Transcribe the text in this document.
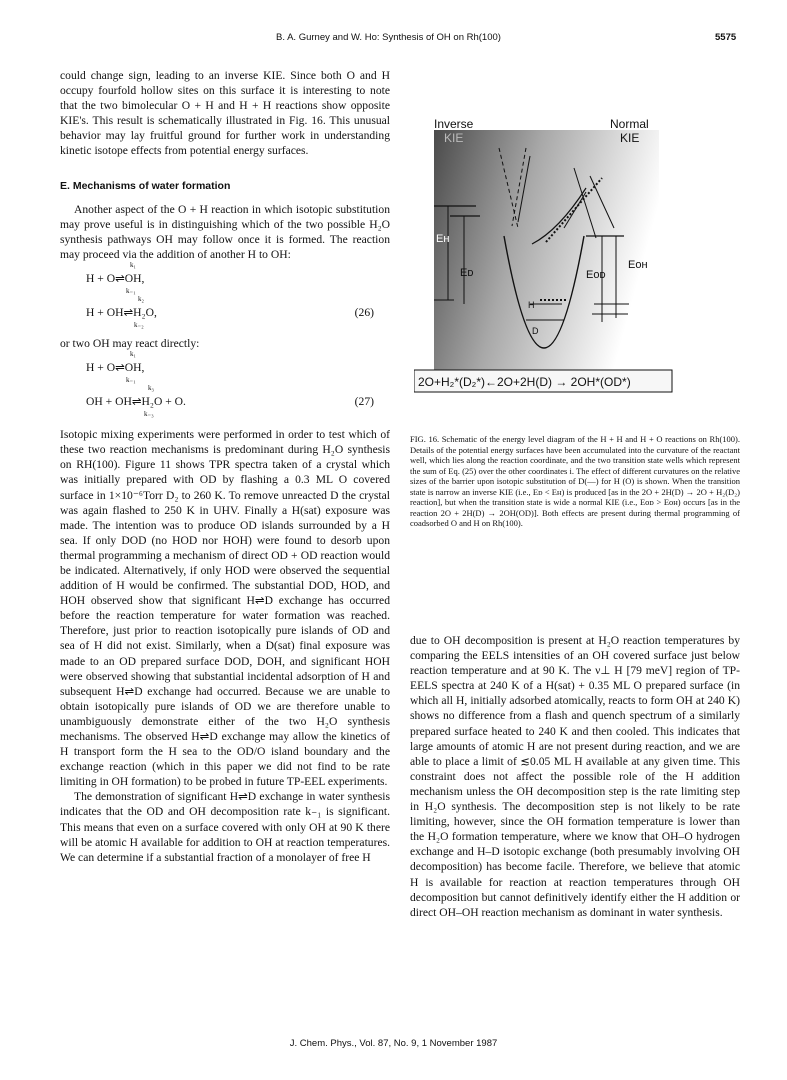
B. A. Gurney and W. Ho: Synthesis of OH on Rh(100)	5575

could change sign, leading to an inverse KIE. Since both O and H occupy fourfold hollow sites on this surface it is interesting to note that the two bimolecular O + H and H + H reactions show opposite KIE's. This result is schematically illustrated in Fig. 16. This unusual behavior may lay fruitful ground for further work in understanding kinetic isotope effects from potential energy surfaces.

E. Mechanisms of water formation

Another aspect of the O + H reaction in which isotopic substitution may prove useful is in distinguishing which of the two possible H₂O synthesis pathways OH may follow once it is formed. The reaction may proceed via the addition of another H to OH:

k₁
H + O⇌OH,
k₋₁
k₂
H + OH⇌H₂O,	(26)
k₋₂

or two OH may react directly:

k₁
H + O⇌OH,
k₋₁
k₃
OH + OH⇌H₂O + O.	(27)
k₋₃

Isotopic mixing experiments were performed in order to test which of these two reaction mechanisms is predominant during H₂O synthesis on RH(100). Figure 11 shows TPR spectra taken of a crystal which was initially prepared with OD by flashing a 0.3 ML O covered surface in 1×10⁻⁶Torr D₂ to 260 K. To remove unreacted D the crystal was again flashed to 250 K in UHV. Finally a H(sat) exposure was made. The intention was to produce OD islands surrounded by a H sea. If only DOD (no HOD nor HOH) were found to desorb upon thermal programming a mechanism of direct OD + OD reaction would be indicated. Alternatively, if only HOD were observed the sequential addition of H would be confirmed. The substantial DOD, HOD, and HOH observed show that significant H⇌D exchange has occurred before the reaction temperature for water formation was reached. Therefore, just prior to reaction isotopically pure islands of OD and sea of H did not exist. Similarly, when a D(sat) final exposure was made to an OD prepared surface DOD, DOH, and significant HOH were observed showing that substantial incidental adsorption of H and subsequent H⇌D exchange had occurred. Because we are unable to obtain isotopically pure islands of OD we are therefore unable to unambiguously demonstrate either of the two H₂O synthesis mechanisms. The observed H⇌D exchange may allow the kinetics of H transport form the H sea to the OD/O island boundary and the exchange reaction (which in this paper we did not find to be rate limiting in OH formation) to be probed in future TP-EEL experiments.

The demonstration of significant H⇌D exchange in water synthesis indicates that the OD and OH decomposition rate k₋₁ is significant. This means that even on a surface covered with only OH at 90 K there will be atomic H available for addition to OH at reaction temperatures. We can determine if a substantial fraction of a monolayer of free H

Inverse
KIE
Normal
KIE
Eʜ
Eᴅ
H
D
Eᴏʜ
Eᴏᴅ
2O+H₂*(D₂*)←2O+2H(D) → 2OH*(OD*)

FIG. 16. Schematic of the energy level diagram of the H + H and H + O reactions on Rh(100). Details of the potential energy surfaces have been accumulated into the curvature of the reactant well, which lies along the reaction coordinate, and the two transition state wells which represent the sum of Eq. (25) over the other coordinates i. The effect of different curvatures on the relative sizes of the barrier upon isotopic substitution of D(—) for H (O) is shown. When the transition state is narrow an inverse KIE (i.e., Eᴅ < Eʜ) is produced [as in the 2O + 2H(D) → 2O + H₂(D₂) reaction], but when the transition state is wide a normal KIE (i.e., Eᴏᴅ > Eᴏʜ) occurs [as in the reaction 2O + 2H(D) → 2OH(OD)]. Both effects are present during thermal programming of coadsorbed O and H on Rh(100).

due to OH decomposition is present at H₂O reaction temperatures by comparing the EELS intensities of an OH covered surface just below reaction temperature and at 90 K. The ν⊥ H [79 meV] region of TP-EELS spectra at 240 K of a H(sat) + 0.35 ML O prepared surface (in which all H, initially adsorbed atomically, reacts to form OH at 240 K) shows no difference from a flash and quench spectrum of a similarly prepared surface heated to 240 K and then cooled. This indicates that large amounts of atomic H are not present during reaction, and we are able to place a limit of ≲0.05 ML H available at any given time. This constraint does not affect the possible role of the H addition mechanism unless the OH decomposition step is the rate limiting step in H₂O synthesis. The decomposition step is not likely to be rate limiting, however, since the OH formation temperature is lower than the H₂O formation temperature, where we know that OH–O hydrogen exchange and H–D isotopic exchange (both presumably involving OH decomposition) has become facile. Therefore, we believe that atomic H is available for reaction at reaction temperatures through OH decomposition but cannot definitively identify either the H addition or direct OH–OH reaction mechanism as dominant in water synthesis.

J. Chem. Phys., Vol. 87, No. 9, 1 November 1987
